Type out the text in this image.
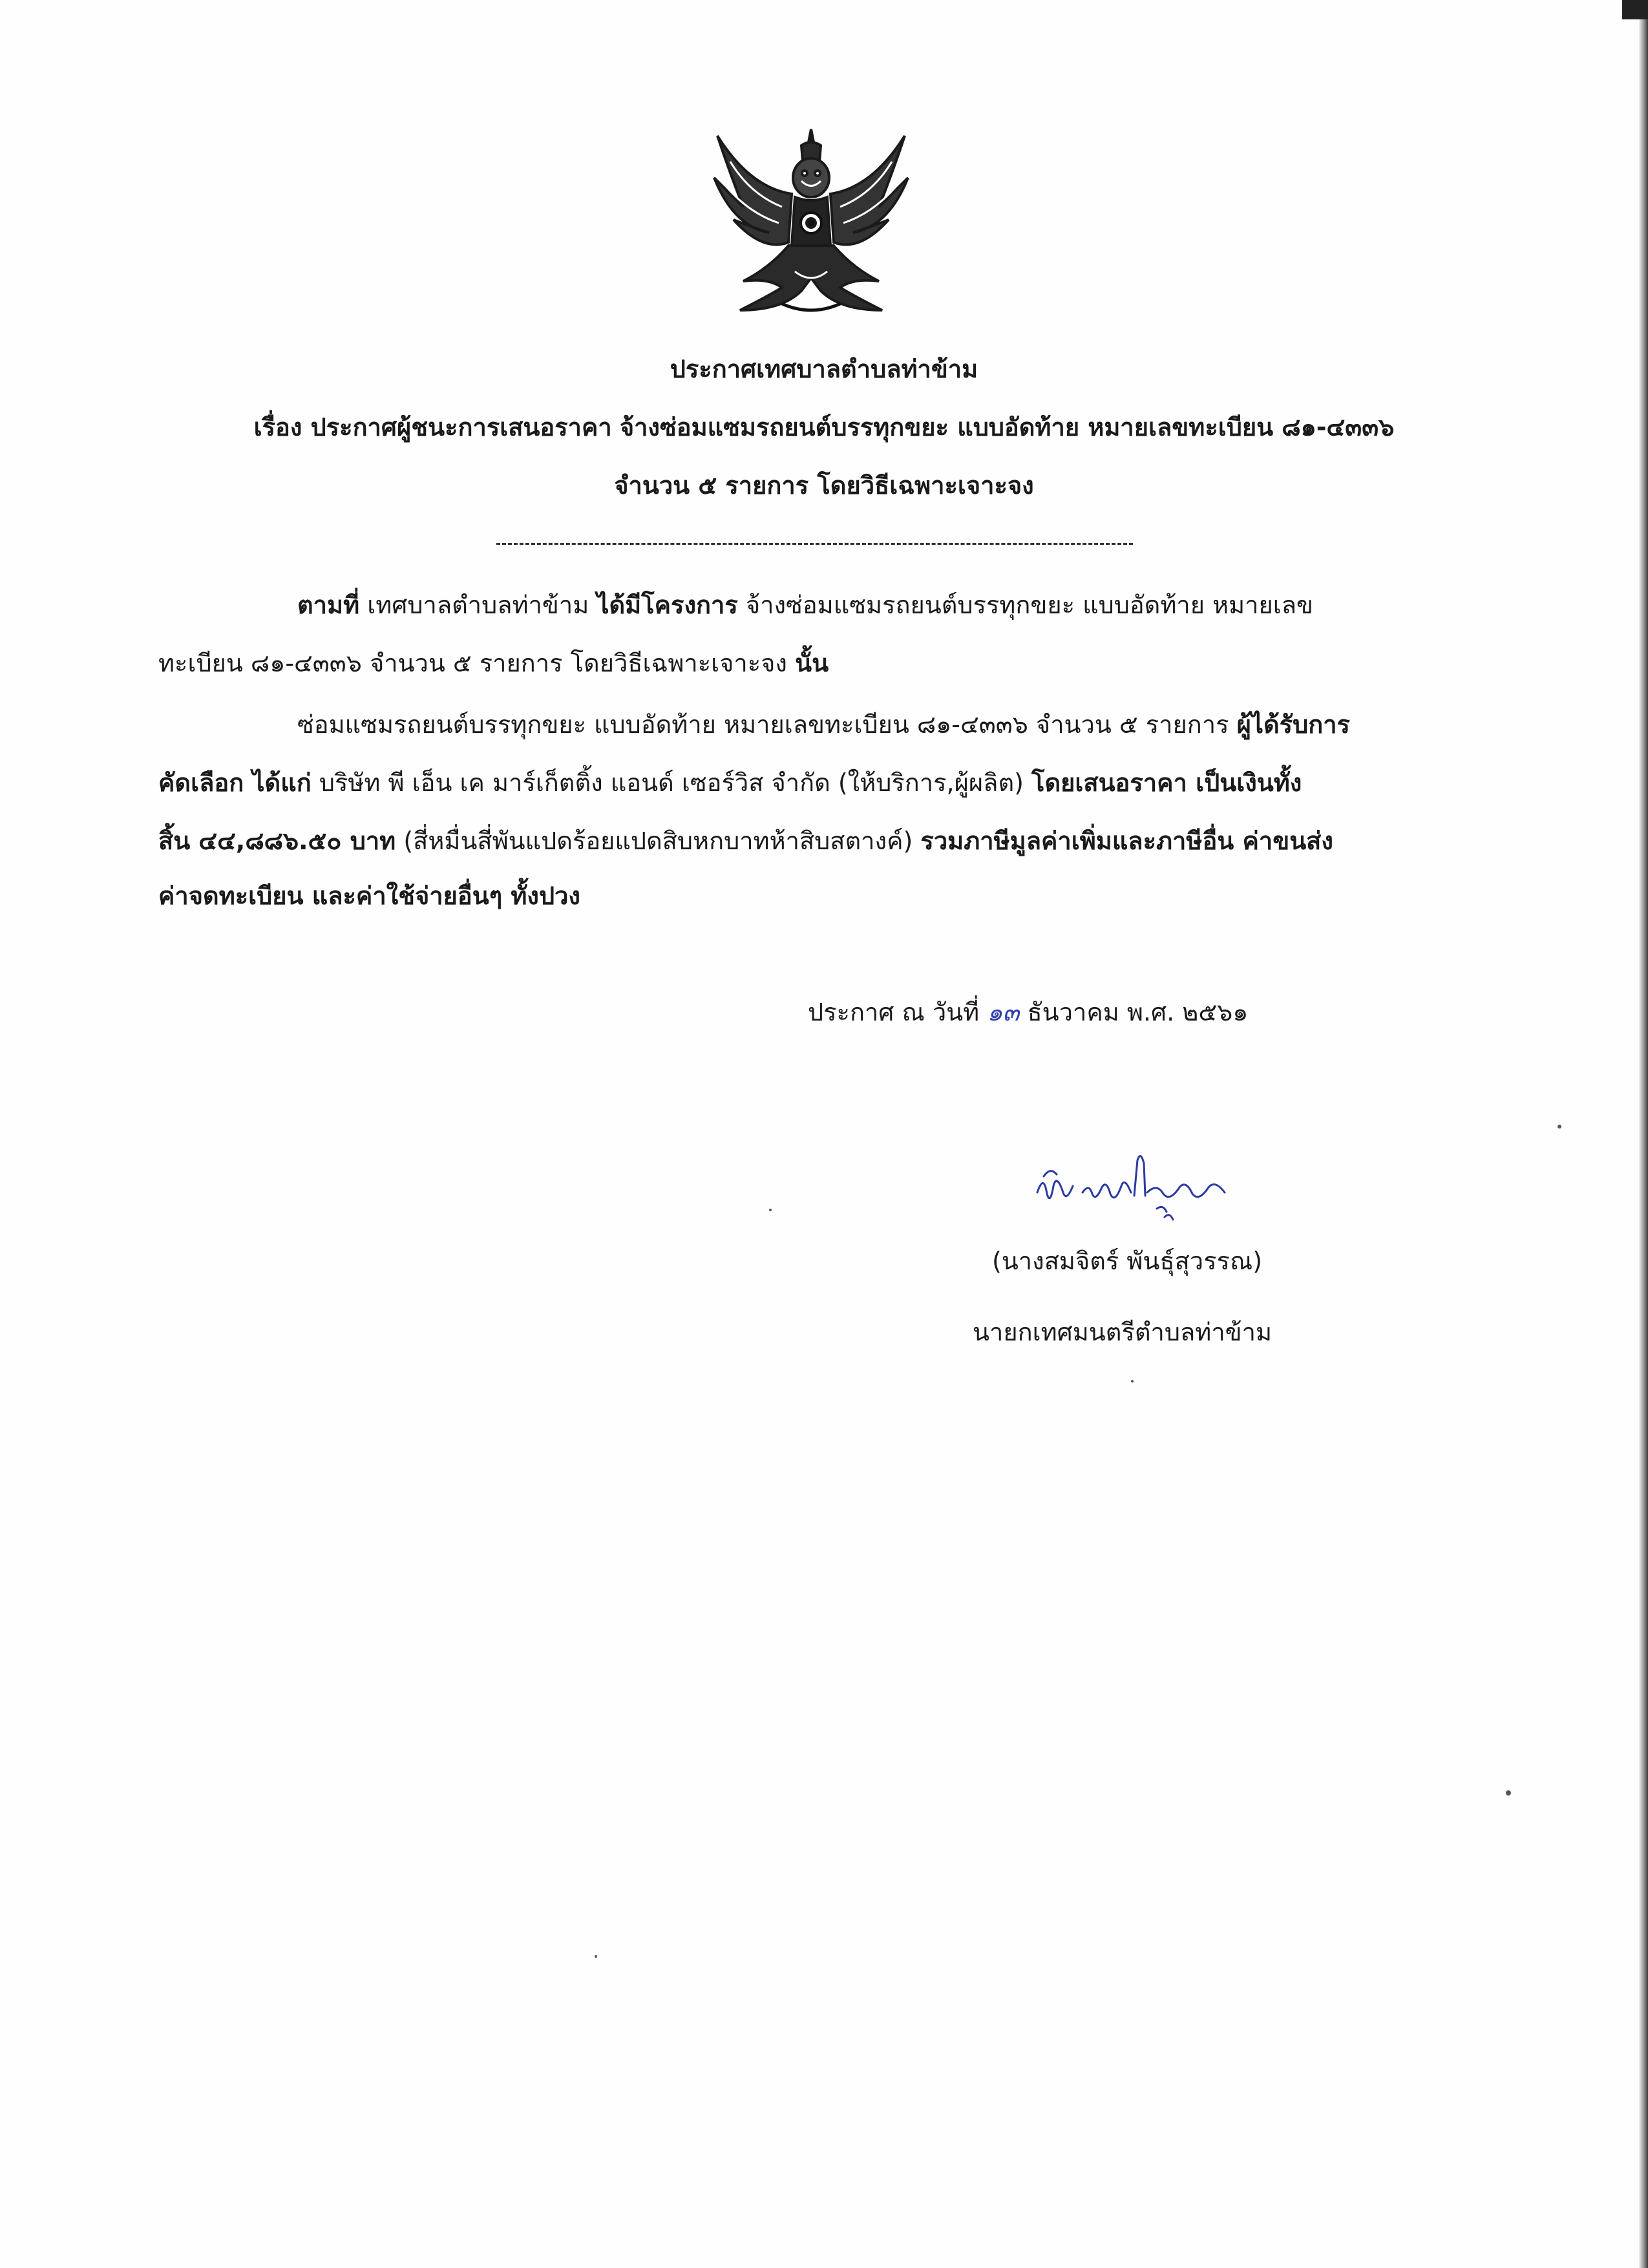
ประกาศเทศบาลตำบลท่าข้าม
เรื่อง ประกาศผู้ชนะการเสนอราคา จ้างซ่อมแซมรถยนต์บรรทุกขยะ แบบอัดท้าย หมายเลขทะเบียน ๘๑-๔๓๓๖
จำนวน ๕ รายการ โดยวิธีเฉพาะเจาะจง
ตามที่ เทศบาลตำบลท่าข้าม ได้มีโครงการ จ้างซ่อมแซมรถยนต์บรรทุกขยะ แบบอัดท้าย หมายเลข
ทะเบียน ๘๑-๔๓๓๖ จำนวน ๕ รายการ โดยวิธีเฉพาะเจาะจง นั้น
ซ่อมแซมรถยนต์บรรทุกขยะ แบบอัดท้าย หมายเลขทะเบียน ๘๑-๔๓๓๖ จำนวน ๕ รายการ ผู้ได้รับการ
คัดเลือก ได้แก่ บริษัท พี เอ็น เค มาร์เก็ตติ้ง แอนด์ เซอร์วิส จำกัด (ให้บริการ,ผู้ผลิต) โดยเสนอราคา เป็นเงินทั้ง
สิ้น ๔๔,๘๘๖.๕๐ บาท (สี่หมื่นสี่พันแปดร้อยแปดสิบหกบาทห้าสิบสตางค์) รวมภาษีมูลค่าเพิ่มและภาษีอื่น ค่าขนส่ง
ค่าจดทะเบียน และค่าใช้จ่ายอื่นๆ ทั้งปวง
ประกาศ ณ วันที่ ๑๓ ธันวาคม พ.ศ. ๒๕๖๑
(นางสมจิตร์ พันธุ์สุวรรณ)
นายกเทศมนตรีตำบลท่าข้าม
